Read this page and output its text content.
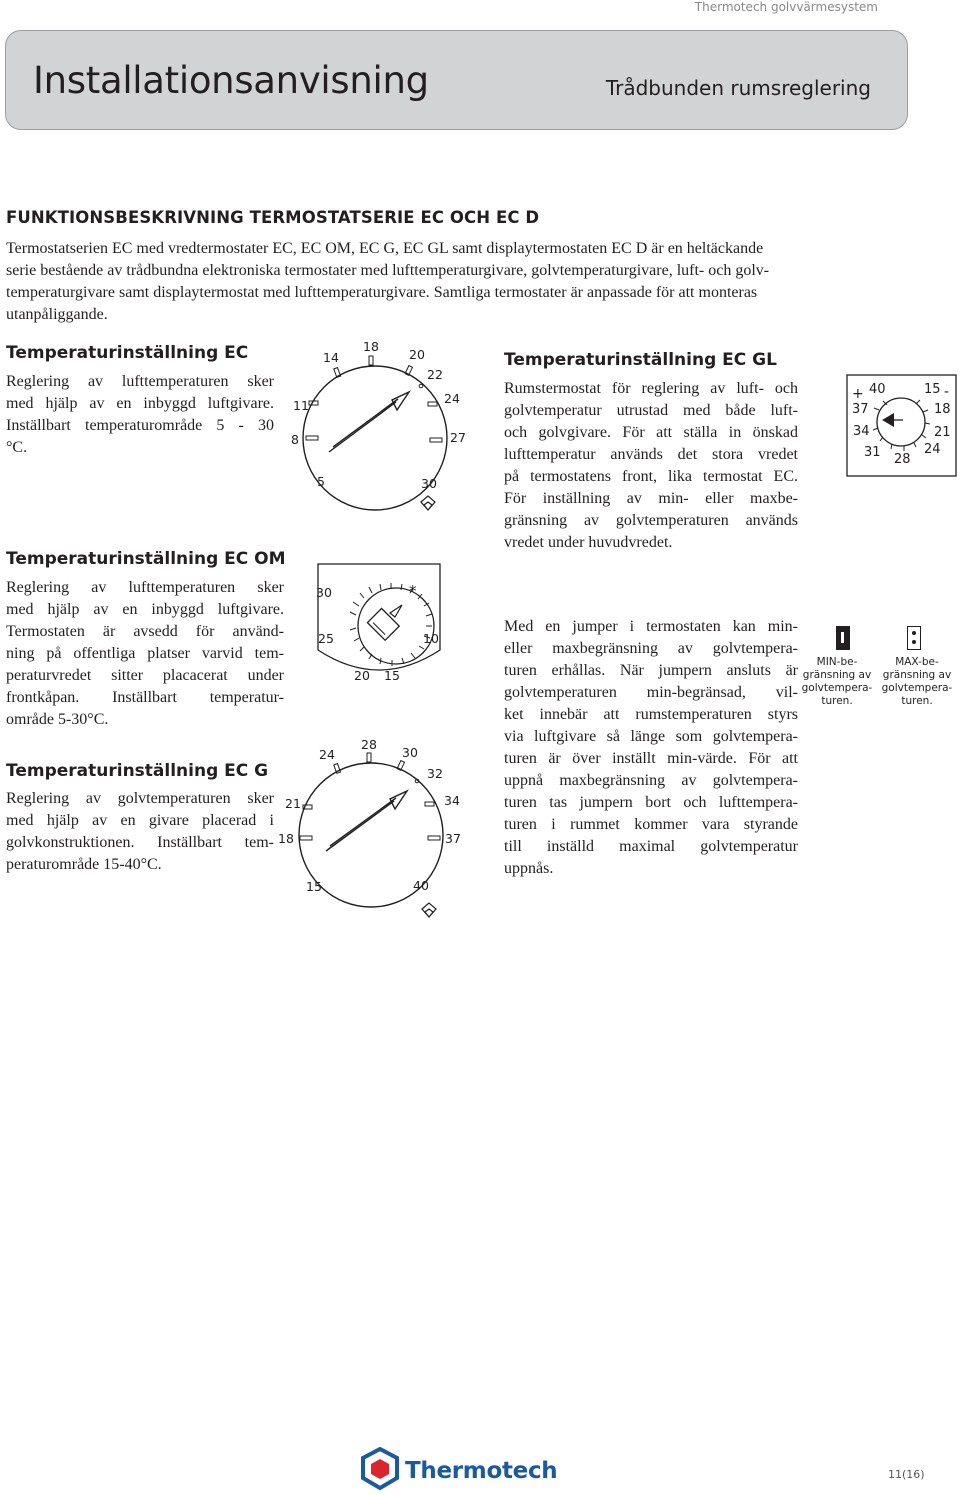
Thermotech golvvärmesystem
Installationsanvisning	Trådbunden rumsreglering
FUNKTIONSBESKRIVNING TERMOSTATSERIE EC OCH EC D

Termostatserien EC med vredtermostater EC, EC OM, EC G, EC GL samt displaytermostaten EC D är en heltäckande
serie bestående av trådbundna elektroniska termostater med lufttemperaturgivare, golvtemperaturgivare, luft- och golv-
temperaturgivare samt displaytermostat med lufttemperaturgivare. Samtliga termostater är anpassade för att monteras
utanpåliggande.

Temperaturinställning EC

Reglering av lufttemperaturen sker
med hjälp av en inbyggd luftgivare.
Inställbart temperaturområde 5 - 30
°C.

Temperaturinställning EC OM

Reglering av lufttemperaturen sker
med hjälp av en inbyggd luftgivare.
Termostaten är avsedd för använd-
ning på offentliga platser varvid tem-
peraturvredet sitter placacerat under
frontkåpan. Inställbart temperatur-
område 5-30°C.

Temperaturinställning EC G

Reglering av golvtemperaturen sker
med hjälp av en givare placerad i
golvkonstruktionen. Inställbart tem-
peraturområde 15-40°C.

Temperaturinställning EC GL

Rumstermostat för reglering av luft- och
golvtemperatur utrustad med både luft-
och golvgivare. För att ställa in önskad
lufttemperatur används det stora vredet
på termostatens front, lika termostat EC.
För inställning av min- eller maxbe-
gränsning av golvtemperaturen används
vredet under huvudvredet.

Med en jumper i termostaten kan min-
eller maxbegränsning av golvtempera-
turen erhållas. När jumpern ansluts är
golvtemperaturen min-begränsad, vil-
ket innebär att rumstemperaturen styrs
via luftgivare så länge som golvtempera-
turen är över inställt min-värde. För att
uppnå maxbegränsning av golvtempera-
turen tas jumpern bort och lufttempera-
turen i rummet kommer vara styrande
till inställd maximal golvtemperatur
uppnås.

MIN-be-
gränsning av
golvtempera-
turen.
MAX-be-
gränsning av
golvtempera-
turen.
5
8
11
14
18
20
22
24
27
30
30
25
20 15
10
*
15
18
21
24
28
30
32
34
37
40
+ 40
37
34
31 28
24
21
18
15 -
Thermotech	11(16)
